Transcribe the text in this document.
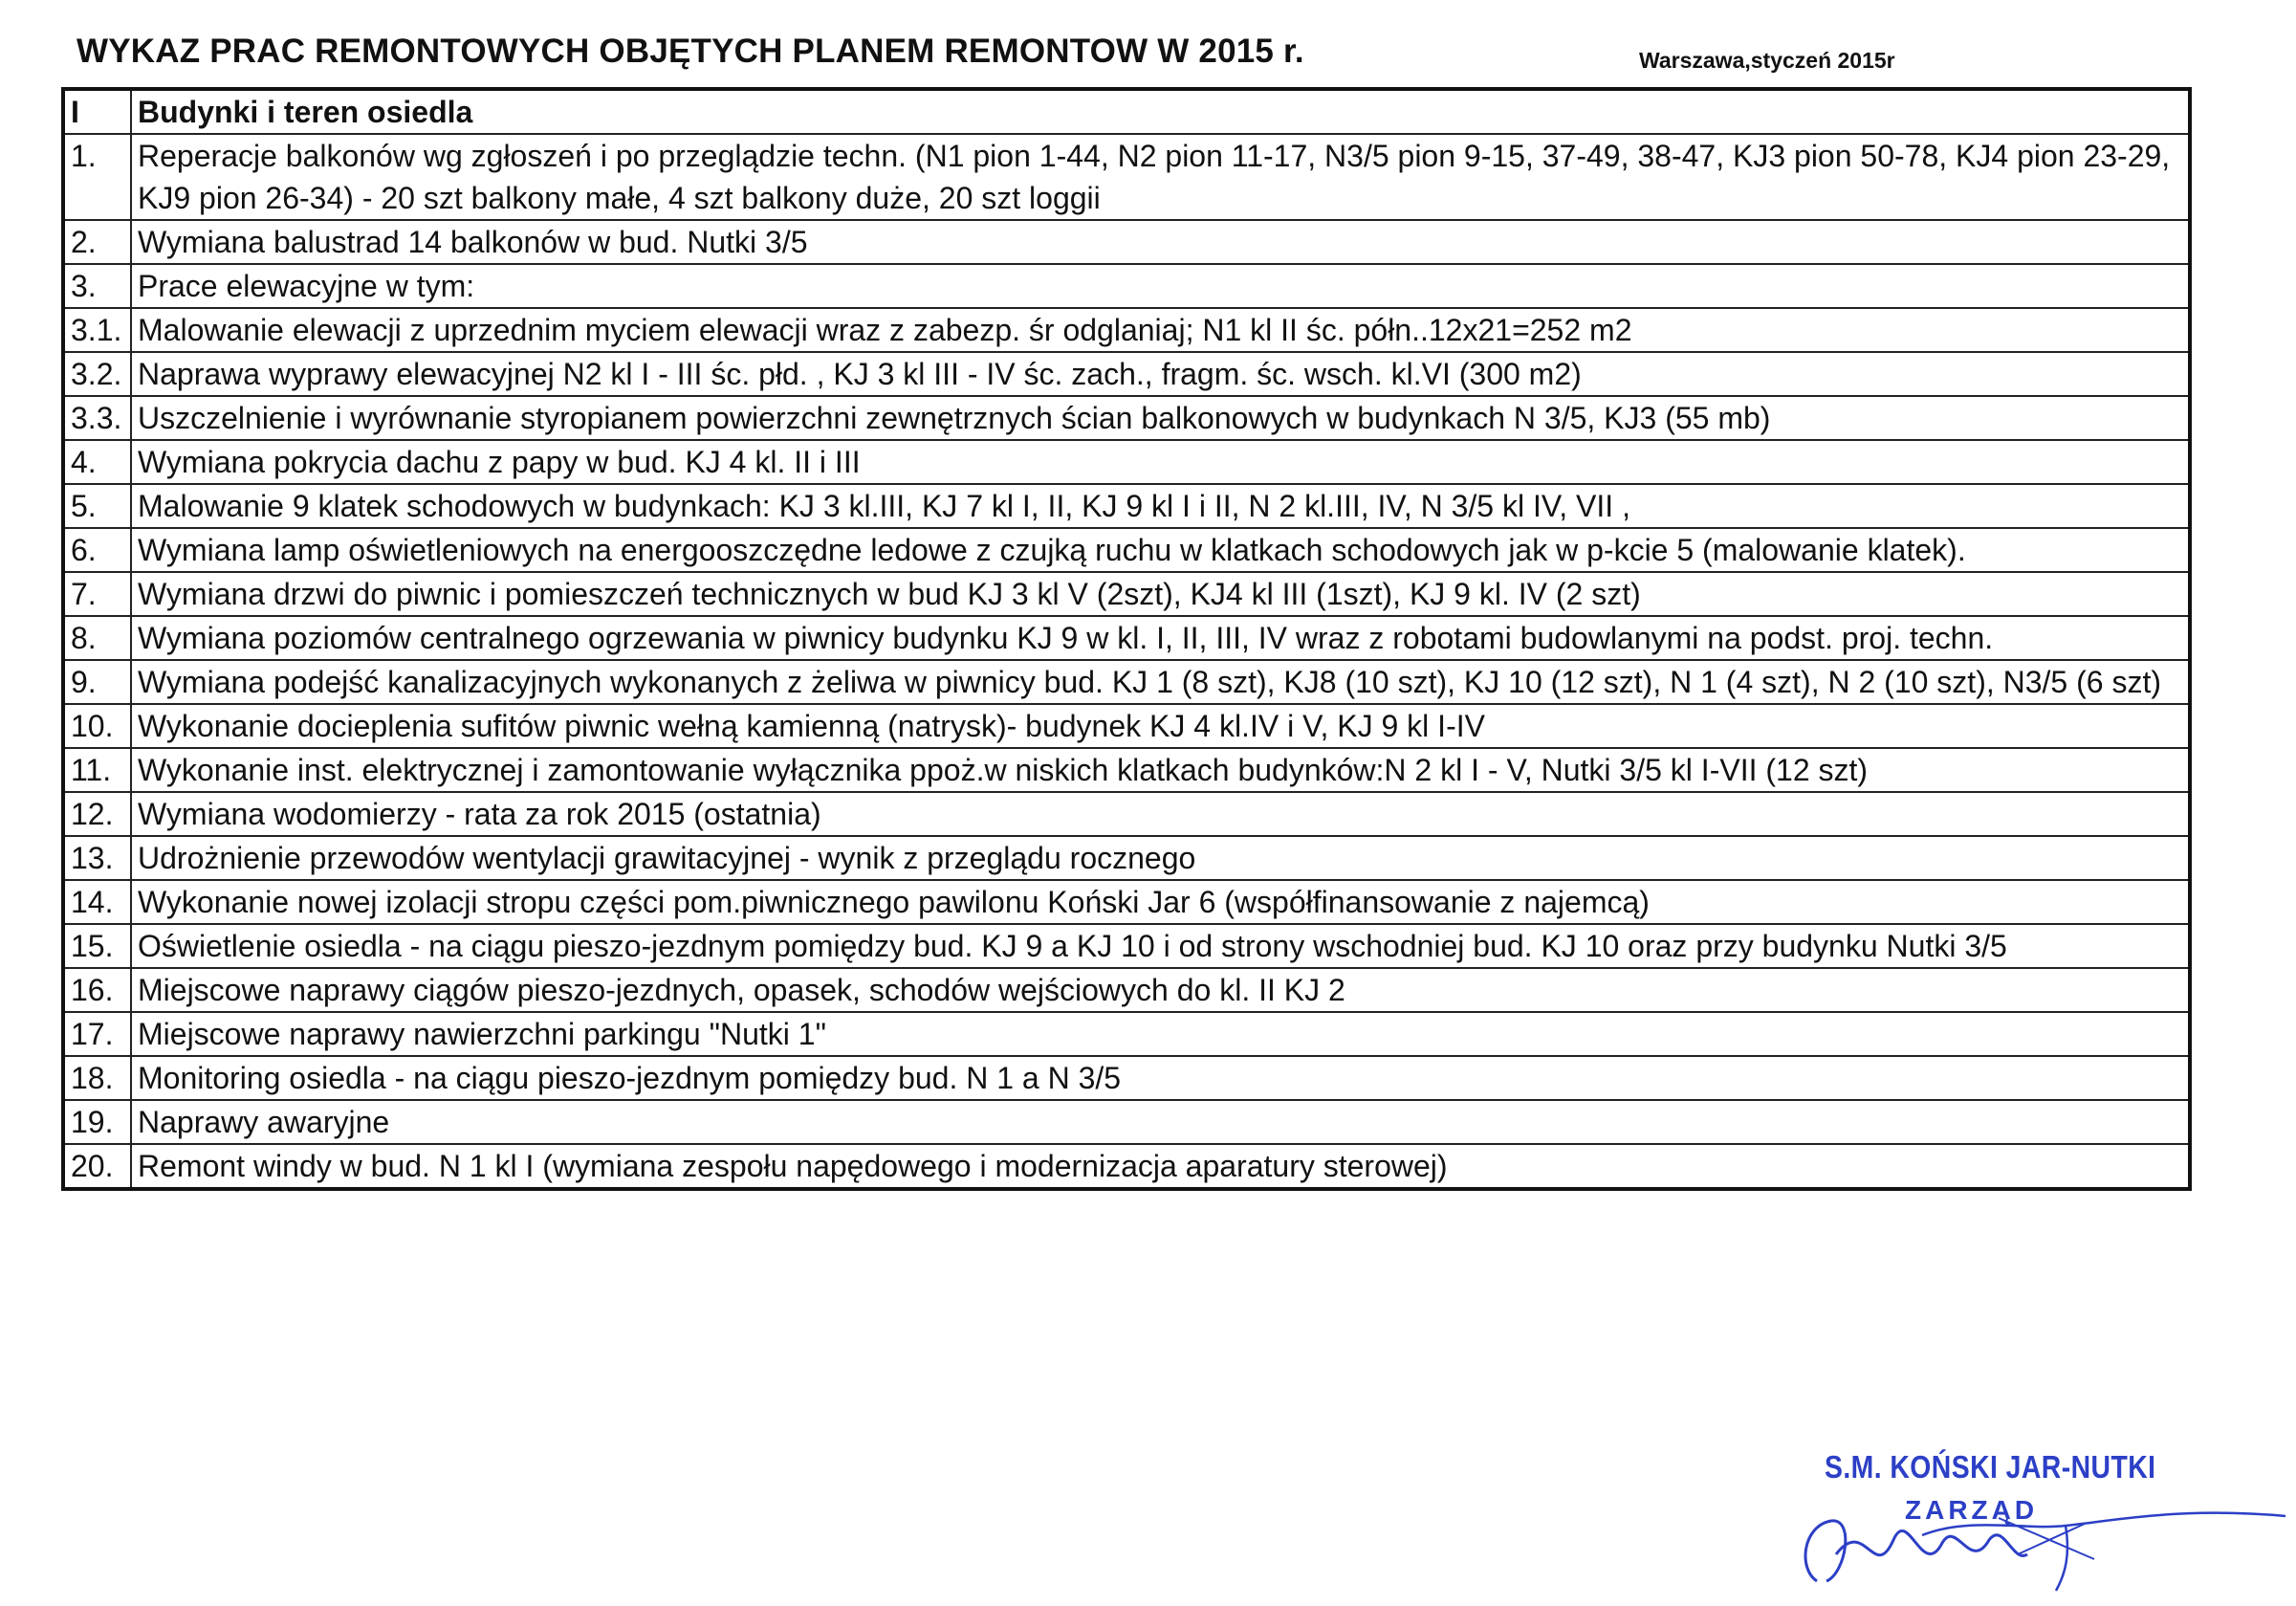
WYKAZ PRAC REMONTOWYCH OBJĘTYCH PLANEM REMONTOW W 2015 r.	Warszawa,styczeń 2015r
I	Budynki i teren osiedla
1.	Reperacje balkonów wg zgłoszeń i po przeglądzie techn. (N1 pion 1-44, N2 pion 11-17, N3/5 pion 9-15, 37-49, 38-47, KJ3 pion 50-78, KJ4 pion 23-29, KJ9 pion 26-34) - 20 szt balkony małe, 4 szt balkony duże, 20 szt loggii
2.	Wymiana balustrad 14 balkonów w bud. Nutki 3/5
3.	Prace elewacyjne w tym:
3.1.	Malowanie elewacji z uprzednim myciem elewacji wraz z zabezp. śr odglaniaj; N1 kl II śc. półn..12x21=252 m2
3.2.	Naprawa wyprawy elewacyjnej N2 kl I - III śc. płd. , KJ 3 kl III - IV śc. zach., fragm. śc. wsch. kl.VI (300 m2)
3.3.	Uszczelnienie i wyrównanie styropianem powierzchni zewnętrznych ścian balkonowych w budynkach N 3/5, KJ3 (55 mb)
4.	Wymiana pokrycia dachu z papy w bud. KJ 4 kl. II i III
5.	Malowanie 9 klatek schodowych w budynkach: KJ 3 kl.III, KJ 7 kl I, II, KJ 9 kl I i II, N 2 kl.III, IV, N 3/5 kl IV, VII ,
6.	Wymiana lamp oświetleniowych na energooszczędne ledowe z czujką ruchu w klatkach schodowych jak w p-kcie 5 (malowanie klatek).
7.	Wymiana drzwi do piwnic i pomieszczeń technicznych w bud KJ 3 kl V (2szt), KJ4 kl III (1szt), KJ 9 kl. IV (2 szt)
8.	Wymiana poziomów centralnego ogrzewania w piwnicy budynku KJ 9 w kl. I, II, III, IV wraz z robotami budowlanymi na podst. proj. techn.
9.	Wymiana podejść kanalizacyjnych wykonanych z żeliwa w piwnicy bud. KJ 1 (8 szt), KJ8 (10 szt), KJ 10 (12 szt), N 1 (4 szt), N 2 (10 szt), N3/5 (6 szt)
10.	Wykonanie docieplenia sufitów piwnic wełną kamienną (natrysk)- budynek KJ 4 kl.IV i V, KJ 9 kl I-IV
11.	Wykonanie inst. elektrycznej i zamontowanie wyłącznika ppoż.w niskich klatkach budynków:N 2 kl I - V, Nutki 3/5 kl I-VII (12 szt)
12.	Wymiana wodomierzy - rata za rok 2015 (ostatnia)
13.	Udrożnienie przewodów wentylacji grawitacyjnej - wynik z przeglądu rocznego
14.	Wykonanie nowej izolacji stropu części pom.piwnicznego pawilonu Koński Jar 6 (współfinansowanie z najemcą)
15.	Oświetlenie osiedla - na ciągu pieszo-jezdnym pomiędzy bud. KJ 9 a KJ 10 i od strony wschodniej bud. KJ 10 oraz przy budynku Nutki 3/5
16.	Miejscowe naprawy ciągów pieszo-jezdnych, opasek, schodów wejściowych do kl. II KJ 2
17.	Miejscowe naprawy nawierzchni parkingu "Nutki 1"
18.	Monitoring osiedla - na ciągu pieszo-jezdnym pomiędzy bud. N 1 a N 3/5
19.	Naprawy awaryjne
20.	Remont windy w bud. N 1 kl I (wymiana zespołu napędowego i modernizacja aparatury sterowej)
S.M. KOŃSKI JAR-NUTKI
ZARZĄD
